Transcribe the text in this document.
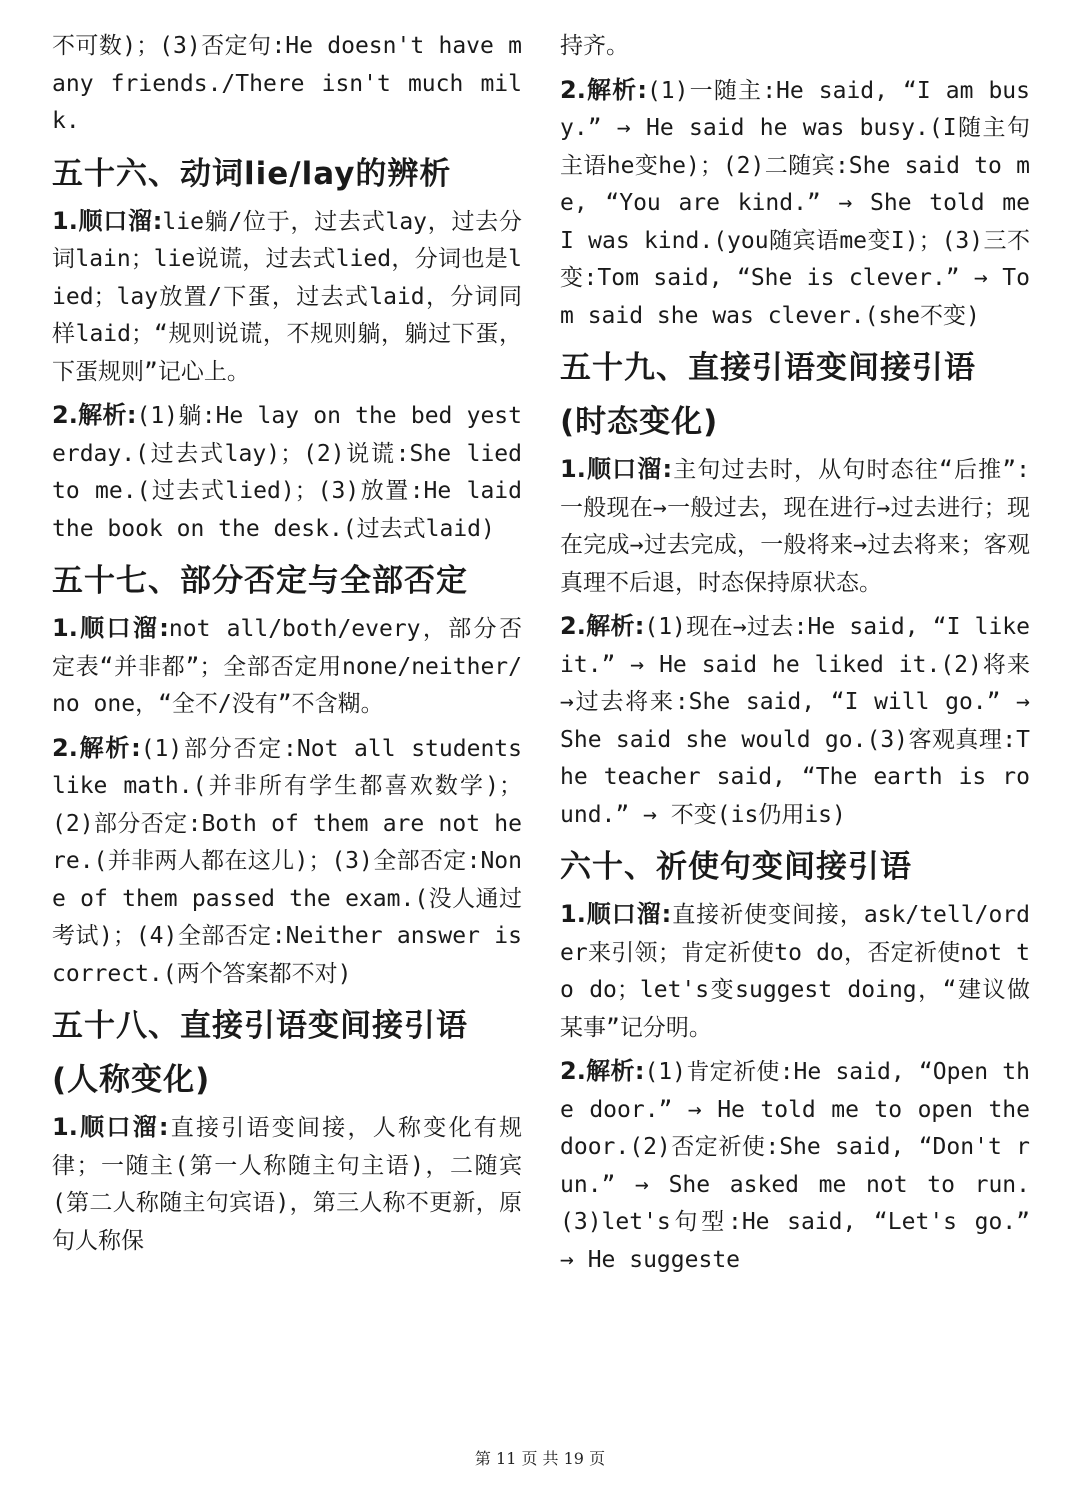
不可数)；(3)否定句:He doesn't have many friends./There isn't much milk.

五十六、动词lie/lay的辨析

1.顺口溜:lie躺/位于，过去式lay，过去分词lain；lie说谎，过去式lied，分词也是lied；lay放置/下蛋，过去式laid，分词同样laid；“规则说谎，不规则躺，躺过下蛋，下蛋规则”记心上。

2.解析:(1)躺:He lay on the bed yesterday.(过去式lay)；(2)说谎:She lied to me.(过去式lied)；(3)放置:He laid the book on the desk.(过去式laid)

五十七、部分否定与全部否定

1.顺口溜:not all/both/every，部分否定表“并非都”；全部否定用none/neither/no one，“全不/没有”不含糊。

2.解析:(1)部分否定:Not all students like math.(并非所有学生都喜欢数学)；(2)部分否定:Both of them are not here.(并非两人都在这儿)；(3)全部否定:None of them passed the exam.(没人通过考试)；(4)全部否定:Neither answer is correct.(两个答案都不对)

五十八、直接引语变间接引语
(人称变化)

1.顺口溜:直接引语变间接，人称变化有规律；一随主(第一人称随主句主语)，二随宾(第二人称随主句宾语)，第三人称不更新，原句人称保

持齐。

2.解析:(1)一随主:He said, “I am busy.” → He said he was busy.(I随主句主语he变he)；(2)二随宾:She said to me, “You are kind.” → She told me I was kind.(you随宾语me变I)；(3)三不变:Tom said, “She is clever.” → Tom said she was clever.(she不变)

五十九、直接引语变间接引语
(时态变化)

1.顺口溜:主句过去时，从句时态往“后推”:一般现在→一般过去，现在进行→过去进行；现在完成→过去完成，一般将来→过去将来；客观真理不后退，时态保持原状态。

2.解析:(1)现在→过去:He said, “I like it.” → He said he liked it.(2)将来→过去将来:She said, “I will go.” → She said she would go.(3)客观真理:The teacher said, “The earth is round.” → 不变(is仍用is)

六十、祈使句变间接引语

1.顺口溜:直接祈使变间接，ask/tell/order来引领；肯定祈使to do，否定祈使not to do；let's变suggest doing，“建议做某事”记分明。

2.解析:(1)肯定祈使:He said, “Open the door.” → He told me to open the door.(2)否定祈使:She said, “Don't run.” → She asked me not to run.(3)let's句型:He said, “Let's go.” → He suggeste

第 11 页 共 19 页
